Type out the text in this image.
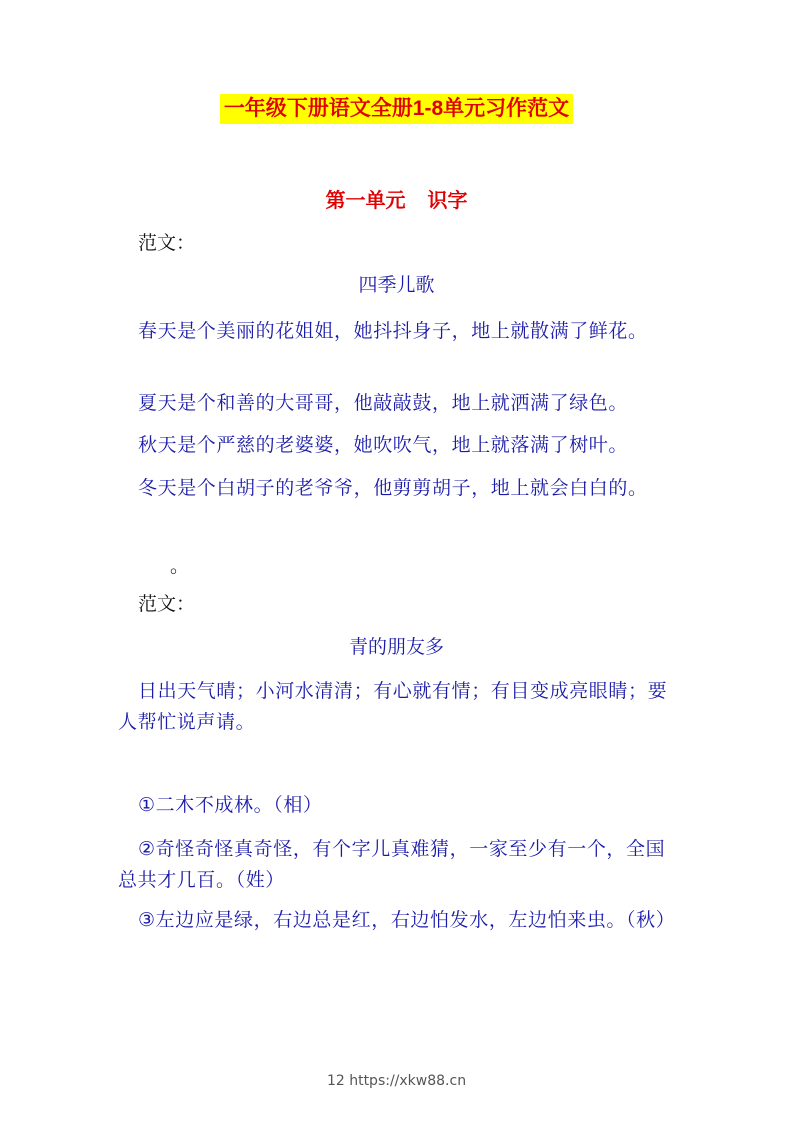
一年级下册语文全册1-8单元习作范文
第一单元 识字
范文：
四季儿歌
春天是个美丽的花姐姐，她抖抖身子，地上就散满了鲜花。
夏天是个和善的大哥哥，他敲敲鼓，地上就洒满了绿色。
秋天是个严慈的老婆婆，她吹吹气，地上就落满了树叶。
冬天是个白胡子的老爷爷，他剪剪胡子，地上就会白白的。
。
范文：
青的朋友多
日出天气晴；小河水清清；有心就有情；有目变成亮眼睛；要人帮忙说声请。
①二木不成林。（相）
②奇怪奇怪真奇怪，有个字儿真难猜，一家至少有一个，全国总共才几百。（姓）
③左边应是绿，右边总是红，右边怕发水，左边怕来虫。（秋）
12 https://xkw88.cn
